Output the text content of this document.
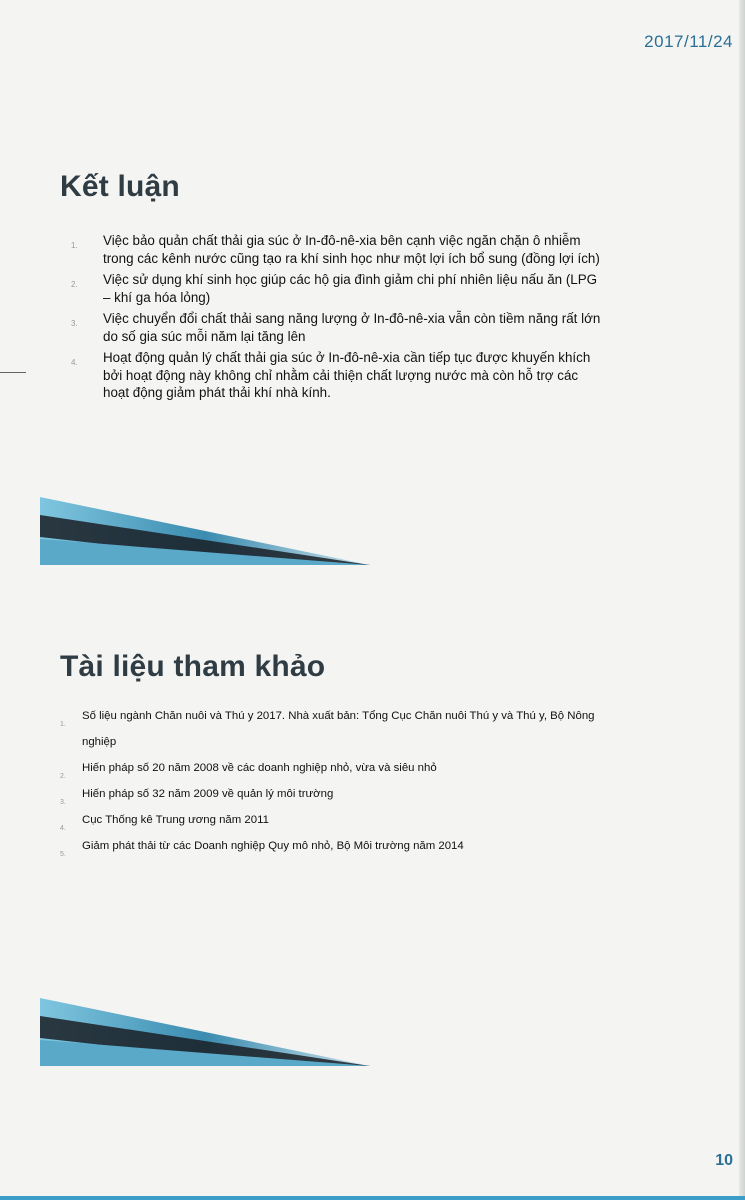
2017/11/24
Kết luận
1. Việc bảo quản chất thải gia súc ở In-đô-nê-xia bên cạnh việc ngăn chặn ô nhiễm trong các kênh nước cũng tạo ra khí sinh học như một lợi ích bổ sung (đồng lợi ích)
2. Việc sử dụng khí sinh học giúp các hộ gia đình giảm chi phí nhiên liệu nấu ăn (LPG – khí ga hóa lỏng)
3. Việc chuyển đổi chất thải sang năng lượng ở In-đô-nê-xia vẫn còn tiềm năng rất lớn do số gia súc mỗi năm lại tăng lên
4. Hoạt động quản lý chất thải gia súc ở In-đô-nê-xia cần tiếp tục được khuyến khích bởi hoạt động này không chỉ nhằm cải thiện chất lượng nước mà còn hỗ trợ các hoạt động giảm phát thải khí nhà kính.
Tài liệu tham khảo
1.
Số liệu ngành Chăn nuôi và Thú y 2017. Nhà xuất bản: Tổng Cục Chăn nuôi Thú y và Thú y, Bộ Nông nghiệp
2.
Hiến pháp số 20 năm 2008 về các doanh nghiệp nhỏ, vừa và siêu nhỏ
3.
Hiến pháp số 32 năm 2009 về quản lý môi trường
4.
Cục Thống kê Trung ương năm 2011
5.
Giảm phát thải từ các Doanh nghiệp Quy mô nhỏ, Bộ Môi trường năm 2014
10
